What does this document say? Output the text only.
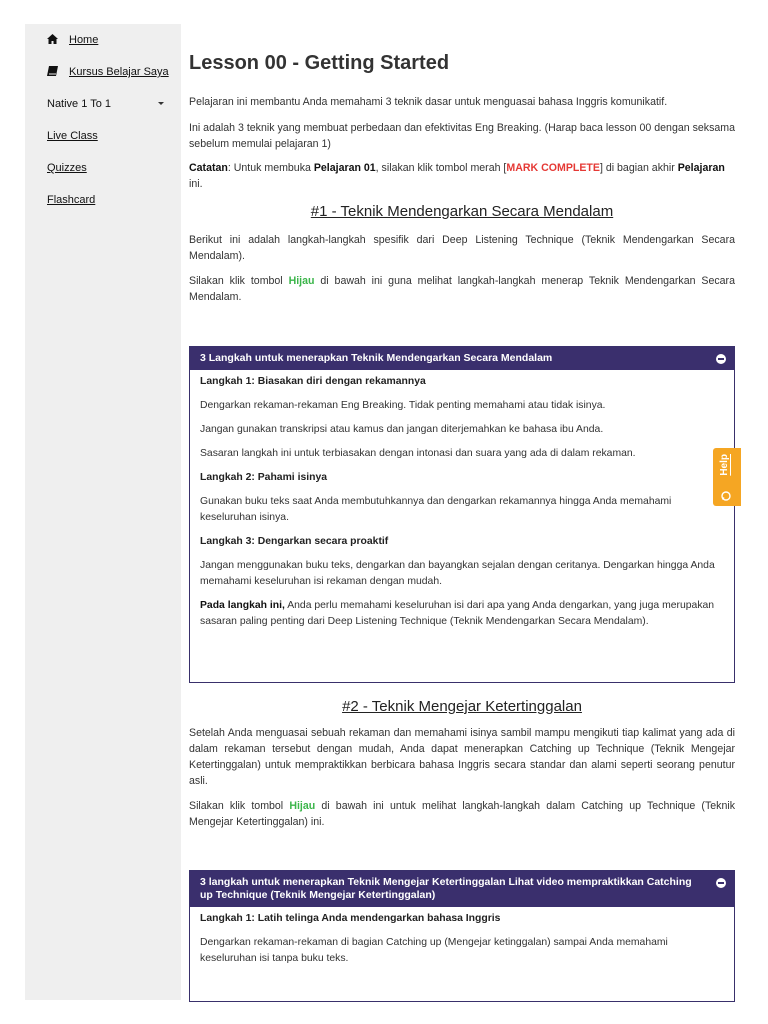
Home
Kursus Belajar Saya
Native 1 To 1
Live Class
Quizzes
Flashcard
Lesson 00 - Getting Started

Pelajaran ini membantu Anda memahami 3 teknik dasar untuk menguasai bahasa Inggris komunikatif.

Ini adalah 3 teknik yang membuat perbedaan dan efektivitas Eng Breaking. (Harap baca lesson 00 dengan seksama sebelum memulai pelajaran 1)

Catatan: Untuk membuka Pelajaran 01, silakan klik tombol merah [MARK COMPLETE] di bagian akhir Pelajaran ini.

#1 - Teknik Mendengarkan Secara Mendalam

Berikut ini adalah langkah-langkah spesifik dari Deep Listening Technique (Teknik Mendengarkan Secara Mendalam).

Silakan klik tombol Hijau di bawah ini guna melihat langkah-langkah menerap Teknik Mendengarkan Secara Mendalam.

3 Langkah untuk menerapkan Teknik Mendengarkan Secara Mendalam

Langkah 1: Biasakan diri dengan rekamannya

Dengarkan rekaman-rekaman Eng Breaking. Tidak penting memahami atau tidak isinya.

Jangan gunakan transkripsi atau kamus dan jangan diterjemahkan ke bahasa ibu Anda.

Sasaran langkah ini untuk terbiasakan dengan intonasi dan suara yang ada di dalam rekaman.

Langkah 2: Pahami isinya

Gunakan buku teks saat Anda membutuhkannya dan dengarkan rekamannya hingga Anda memahami keseluruhan isinya.

Langkah 3: Dengarkan secara proaktif

Jangan menggunakan buku teks, dengarkan dan bayangkan sejalan dengan ceritanya. Dengarkan hingga Anda memahami keseluruhan isi rekaman dengan mudah.

Pada langkah ini, Anda perlu memahami keseluruhan isi dari apa yang Anda dengarkan, yang juga merupakan sasaran paling penting dari Deep Listening Technique (Teknik Mendengarkan Secara Mendalam).

#2 - Teknik Mengejar Ketertinggalan

Setelah Anda menguasai sebuah rekaman dan memahami isinya sambil mampu mengikuti tiap kalimat yang ada di dalam rekaman tersebut dengan mudah, Anda dapat menerapkan Catching up Technique (Teknik Mengejar Ketertinggalan) untuk mempraktikkan berbicara bahasa Inggris secara standar dan alami seperti seorang penutur asli.

Silakan klik tombol Hijau di bawah ini untuk melihat langkah-langkah dalam Catching up Technique (Teknik Mengejar Ketertinggalan) ini.

3 langkah untuk menerapkan Teknik Mengejar Ketertinggalan Lihat video mempraktikkan Catching up Technique (Teknik Mengejar Ketertinggalan)

Langkah 1: Latih telinga Anda mendengarkan bahasa Inggris

Dengarkan rekaman-rekaman di bagian Catching up (Mengejar ketinggalan) sampai Anda memahami keseluruhan isi tanpa buku teks.

Help
